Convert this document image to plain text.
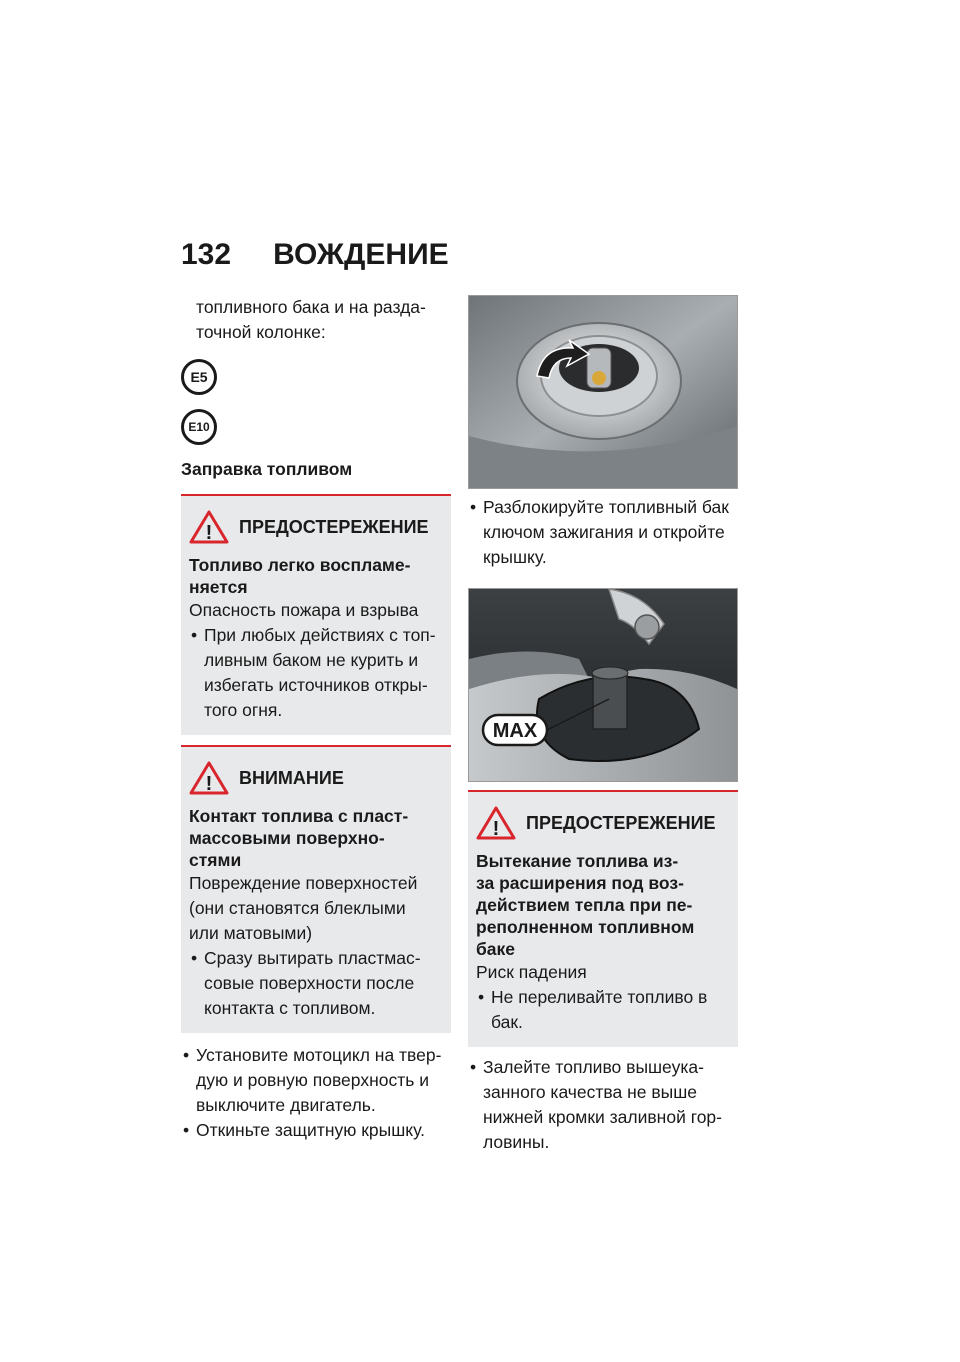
132 ВОЖДЕНИЕ
топливного бака и на разда-
точной колонке:
E5
E10
Заправка топливом
! ПРЕДОСТЕРЕЖЕНИЕ
Топливо легко воспламе-
няется
Опасность пожара и взрыва
• При любых действиях с топ-
ливным баком не курить и
избегать источников откры-
того огня.
! ВНИМАНИЕ
Контакт топлива с пласт-
массовыми поверхно-
стями
Повреждение поверхностей
(они становятся блеклыми
или матовыми)
• Сразу вытирать пластмас-
совые поверхности после
контакта с топливом.
• Установите мотоцикл на твер-
дую и ровную поверхность и
выключите двигатель.
• Откиньте защитную крышку.
• Разблокируйте топливный бак
ключом зажигания и откройте
крышку.
MAX
! ПРЕДОСТЕРЕЖЕНИЕ
Вытекание топлива из-
за расширения под воз-
действием тепла при пе-
реполненном топливном
баке
Риск падения
• Не переливайте топливо в
бак.
• Залейте топливо вышеука-
занного качества не выше
нижней кромки заливной гор-
ловины.
